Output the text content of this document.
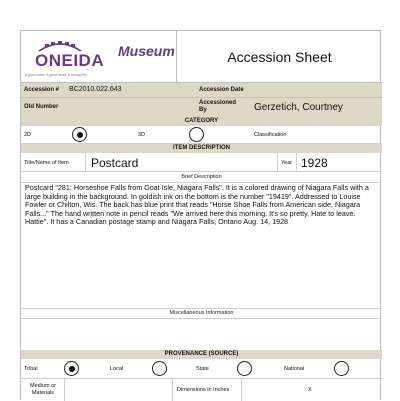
ONEIDA
A good mind. A good heart. A strong fire.
Museum	Accession Sheet
Accession # BC2010.022.643	Accession Date
Old Number
Accessioned By	Gerzetich, Courtney
CATEGORY
2D	3D	Classification
ITEM DESCRIPTION
Title/Name of Item Postcard	Year 1928
Brief Description
Postcard "281: Horseshoe Falls from Goat Isle, Niagara Falls". It is a colored drawing of Niagara Falls with a large building in the background. In goldish ink on the bottom is the number "19419". Addressed to Louise Fowler or Chilton, Wis. The back has blue print that reads "Horse Shoe Falls from American side, Niagara Falls..." The hand written note in pencil reads "We arrived here this morning. It's so pretty. Hate to leave. Hattie". It has a Canadian postage stamp and Niagara Falls, Ontario Aug. 14, 1928
Miscellaneous Information
PROVENANCE (SOURCE)
Tribal	Local	State	National
Medium or Materials	Dimensions in Inches	X
